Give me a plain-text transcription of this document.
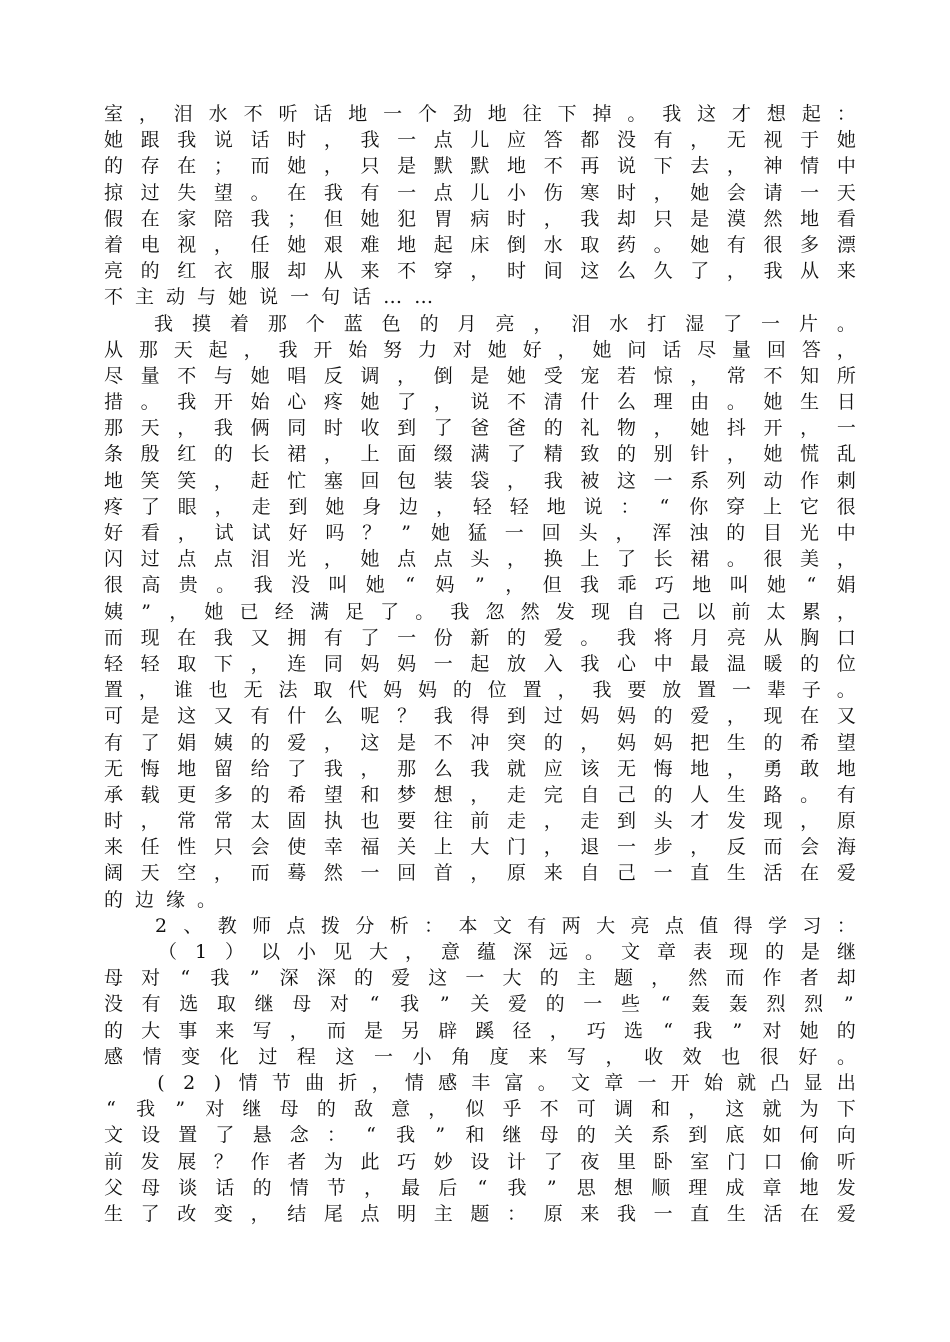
室 ， 泪 水 不 听 话 地 一 个 劲 地 往 下 掉 。 我 这 才 想 起 ：
她 跟 我 说 话 时 ， 我 一 点 儿 应 答 都 没 有 ， 无 视 于 她
的 存 在 ； 而 她 ， 只 是 默 默 地 不 再 说 下 去 ， 神 情 中
掠 过 失 望 。 在 我 有 一 点 儿 小 伤 寒 时 ， 她 会 请 一 天
假 在 家 陪 我 ； 但 她 犯 胃 病 时 ， 我 却 只 是 漠 然 地 看
着 电 视 ， 任 她 艰 难 地 起 床 倒 水 取 药 。 她 有 很 多 漂
亮 的 红 衣 服 却 从 来 不 穿 ， 时 间 这 么 久 了 ， 我 从 来
不 主 动 与 她 说 一 句 话 … …
我 摸 着 那 个 蓝 色 的 月 亮 ， 泪 水 打 湿 了 一 片 。
从 那 天 起 ， 我 开 始 努 力 对 她 好 ， 她 问 话 尽 量 回 答 ，
尽 量 不 与 她 唱 反 调 ， 倒 是 她 受 宠 若 惊 ， 常 不 知 所
措 。 我 开 始 心 疼 她 了 ， 说 不 清 什 么 理 由 。 她 生 日
那 天 ， 我 俩 同 时 收 到 了 爸 爸 的 礼 物 ， 她 抖 开 ， 一
条 殷 红 的 长 裙 ， 上 面 缀 满 了 精 致 的 别 针 ， 她 慌 乱
地 笑 笑 ， 赶 忙 塞 回 包 装 袋 ， 我 被 这 一 系 列 动 作 刺
疼 了 眼 ， 走 到 她 身 边 ， 轻 轻 地 说 ： “ 你 穿 上 它 很
好 看 ， 试 试 好 吗 ？ ” 她 猛 一 回 头 ， 浑 浊 的 目 光 中
闪 过 点 点 泪 光 ， 她 点 点 头 ， 换 上 了 长 裙 。 很 美 ，
很 高 贵 。 我 没 叫 她 “ 妈 ” ， 但 我 乖 巧 地 叫 她 “ 娟
姨 ” ， 她 已 经 满 足 了 。 我 忽 然 发 现 自 己 以 前 太 累 ，
而 现 在 我 又 拥 有 了 一 份 新 的 爱 。 我 将 月 亮 从 胸 口
轻 轻 取 下 ， 连 同 妈 妈 一 起 放 入 我 心 中 最 温 暖 的 位
置 ， 谁 也 无 法 取 代 妈 妈 的 位 置 ， 我 要 放 置 一 辈 子 。
可 是 这 又 有 什 么 呢 ？ 我 得 到 过 妈 妈 的 爱 ， 现 在 又
有 了 娟 姨 的 爱 ， 这 是 不 冲 突 的 ， 妈 妈 把 生 的 希 望
无 悔 地 留 给 了 我 ， 那 么 我 就 应 该 无 悔 地 ， 勇 敢 地
承 载 更 多 的 希 望 和 梦 想 ， 走 完 自 己 的 人 生 路 。 有
时 ， 常 常 太 固 执 也 要 往 前 走 ， 走 到 头 才 发 现 ， 原
来 任 性 只 会 使 幸 福 关 上 大 门 ， 退 一 步 ， 反 而 会 海
阔 天 空 ， 而 蓦 然 一 回 首 ， 原 来 自 己 一 直 生 活 在 爱
的 边 缘 。
2 、 教 师 点 拨 分 析 ： 本 文 有 两 大 亮 点 值 得 学 习 ：
（ 1 ） 以 小 见 大 ， 意 蕴 深 远 。 文 章 表 现 的 是 继
母 对 “ 我 ” 深 深 的 爱 这 一 大 的 主 题 ， 然 而 作 者 却
没 有 选 取 继 母 对 “ 我 ” 关 爱 的 一 些 “ 轰 轰 烈 烈 ”
的 大 事 来 写 ， 而 是 另 辟 蹊 径 ， 巧 选 “ 我 ” 对 她 的
感 情 变 化 过 程 这 一 小 角 度 来 写 ， 收 效 也 很 好 。
( 2 ) 情 节 曲 折 ， 情 感 丰 富 。 文 章 一 开 始 就 凸 显 出
“ 我 ” 对 继 母 的 敌 意 ， 似 乎 不 可 调 和 ， 这 就 为 下
文 设 置 了 悬 念 ： “ 我 ” 和 继 母 的 关 系 到 底 如 何 向
前 发 展 ？ 作 者 为 此 巧 妙 设 计 了 夜 里 卧 室 门 口 偷 听
父 母 谈 话 的 情 节 ， 最 后 “ 我 ” 思 想 顺 理 成 章 地 发
生 了 改 变 ， 结 尾 点 明 主 题 ： 原 来 我 一 直 生 活 在 爱
